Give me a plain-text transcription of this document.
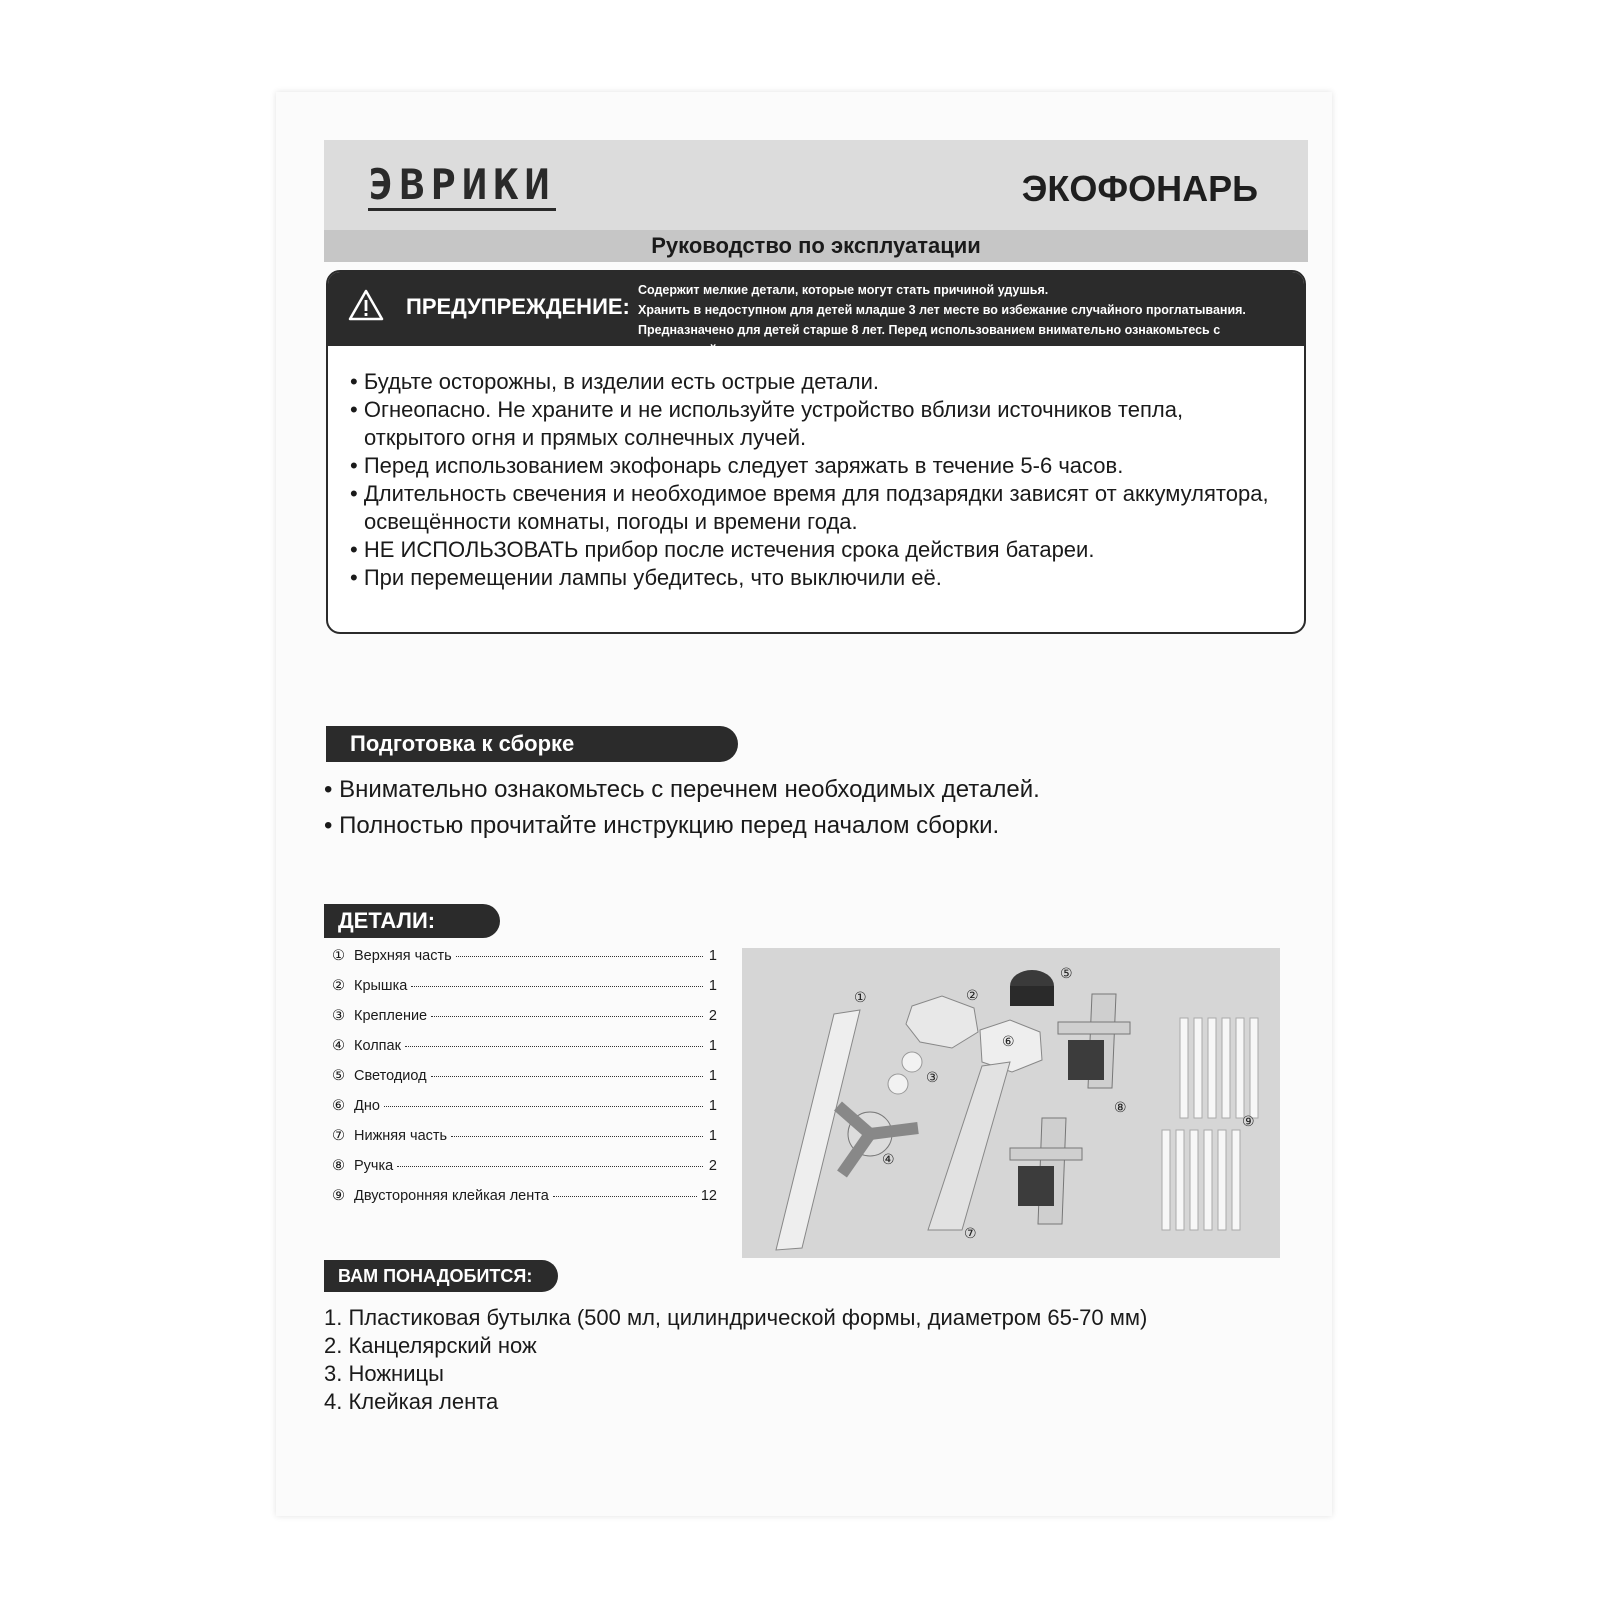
ЭВРИКИ	ЭКОФОНАРЬ
Руководство по эксплуатации
ПРЕДУПРЕЖДЕНИЕ:
Содержит мелкие детали, которые могут стать причиной удушья.
Хранить в недоступном для детей младше 3 лет месте во избежание случайного проглатывания.
Предназначено для детей старше 8 лет. Перед использованием внимательно ознакомьтесь с инструкцией.
• Будьте осторожны, в изделии есть острые детали.
• Огнеопасно. Не храните и не используйте устройство вблизи источников тепла, открытого огня и прямых солнечных лучей.
• Перед использованием экофонарь следует заряжать в течение 5-6 часов.
• Длительность свечения и необходимое время для подзарядки зависят от аккумулятора, освещённости комнаты, погоды и времени года.
• НЕ ИСПОЛЬЗОВАТЬ прибор после истечения срока действия батареи.
• При перемещении лампы убедитесь, что выключили её.
Подготовка к сборке
• Внимательно ознакомьтесь с перечнем необходимых деталей.
• Полностью прочитайте инструкцию перед началом сборки.
ДЕТАЛИ:
① Верхняя часть	1
② Крышка	1
③ Крепление	2
④ Колпак	1
⑤ Светодиод	1
⑥ Дно	1
⑦ Нижняя часть	1
⑧ Ручка	2
⑨ Двусторонняя клейкая лента	12
①	②
③
④
⑤
⑥
⑦
⑧
⑨
ВАМ ПОНАДОБИТСЯ:
1. Пластиковая бутылка (500 мл, цилиндрической формы, диаметром 65-70 мм)
2. Канцелярский нож
3. Ножницы
4. Клейкая лента
